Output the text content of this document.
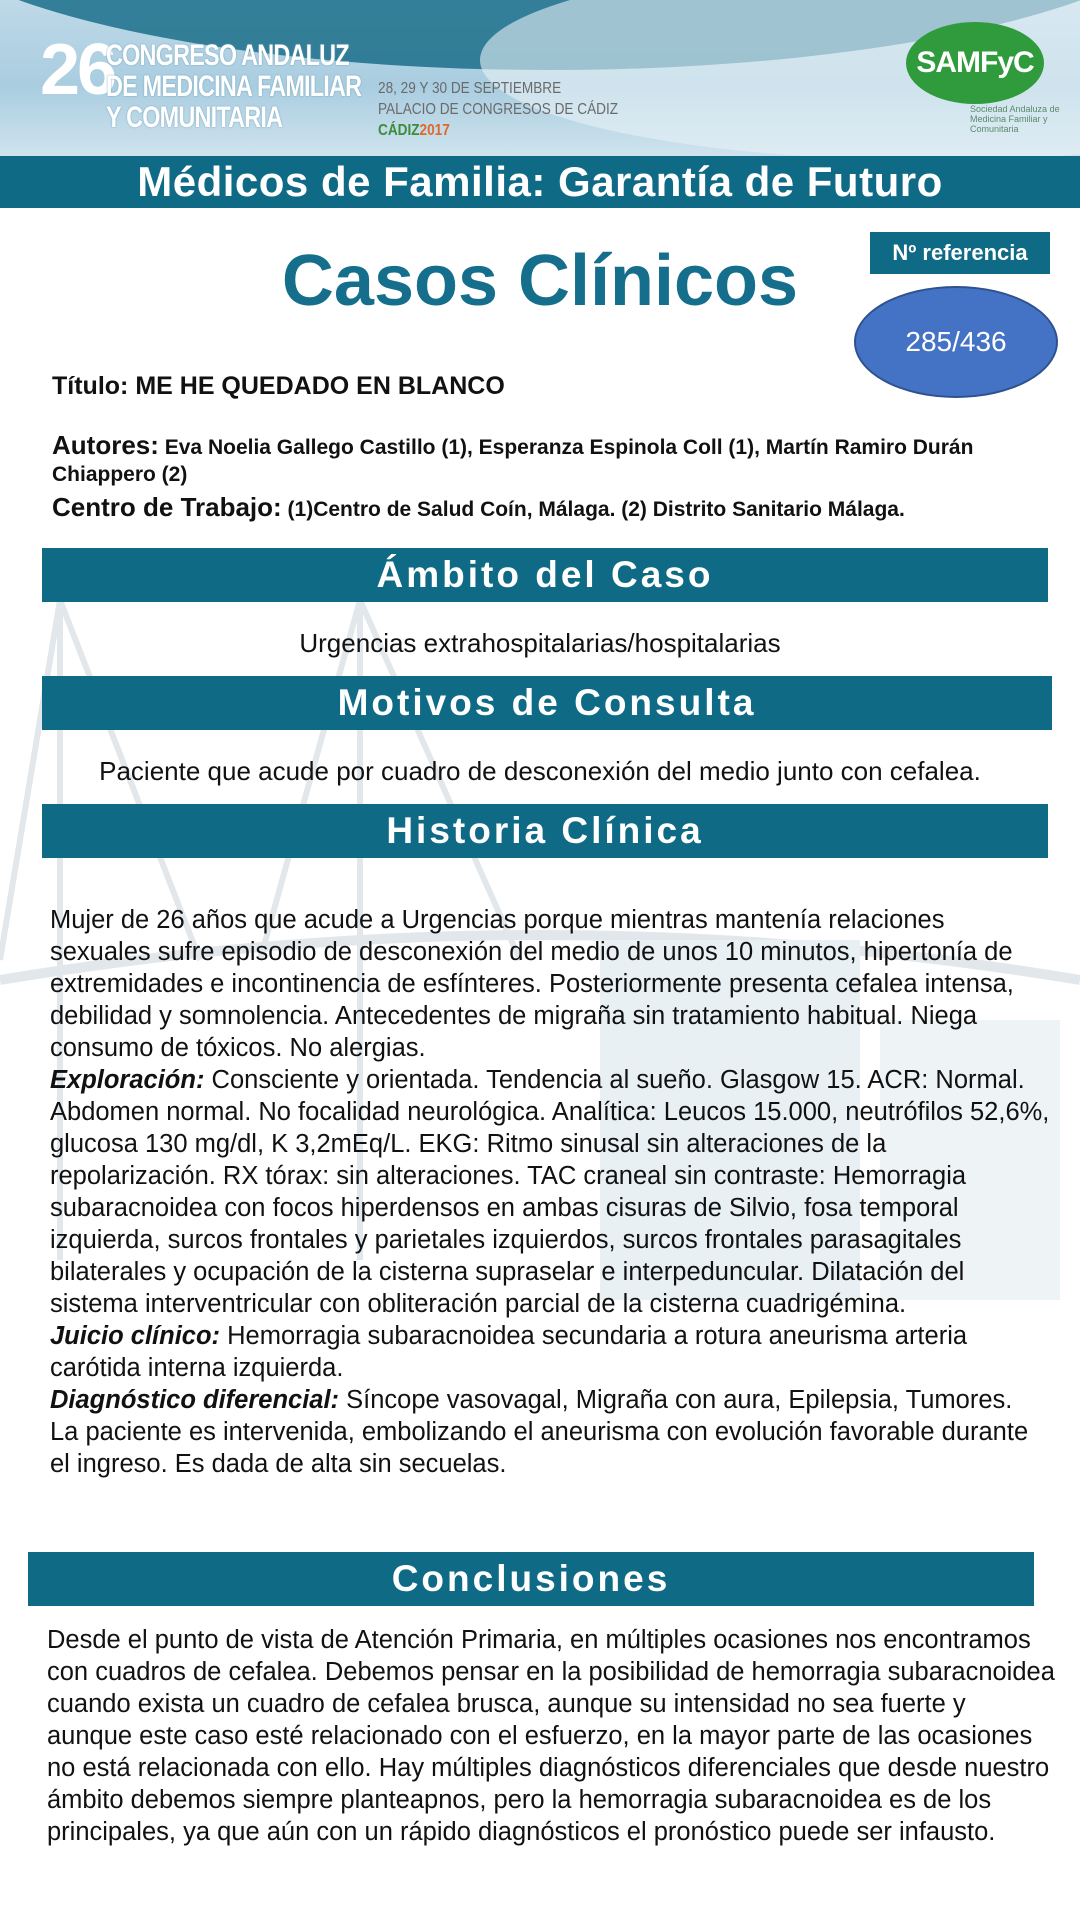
26
CONGRESO ANDALUZ
DE MEDICINA FAMILIAR
Y COMUNITARIA
28, 29 Y 30 DE SEPTIEMBRE
PALACIO DE CONGRESOS DE CÁDIZ
CÁDIZ2017
SAMFyC
Sociedad Andaluza de Medicina Familiar y Comunitaria
Médicos de Familia: Garantía de Futuro
Casos Clínicos	Nº referencia
285/436
Título: ME HE QUEDADO EN BLANCO
Autores: Eva Noelia Gallego Castillo (1), Esperanza Espinola Coll (1), Martín Ramiro Durán Chiappero (2)
Centro de Trabajo: (1)Centro de Salud Coín, Málaga. (2) Distrito Sanitario Málaga.
Ámbito del Caso
Urgencias extrahospitalarias/hospitalarias
Motivos de Consulta
Paciente que acude por cuadro de desconexión del medio junto con cefalea.
Historia Clínica

Mujer de 26 años que acude a Urgencias porque mientras mantenía relaciones sexuales sufre episodio de desconexión del medio de unos 10 minutos, hipertonía de extremidades e incontinencia de esfínteres. Posteriormente presenta cefalea intensa, debilidad y somnolencia. Antecedentes de migraña sin tratamiento habitual. Niega consumo de tóxicos. No alergias.

Exploración: Consciente y orientada. Tendencia al sueño. Glasgow 15. ACR: Normal. Abdomen normal. No focalidad neurológica. Analítica: Leucos 15.000, neutrófilos 52,6%, glucosa 130 mg/dl, K 3,2mEq/L. EKG: Ritmo sinusal sin alteraciones de la repolarización. RX tórax: sin alteraciones. TAC craneal sin contraste: Hemorragia subaracnoidea con focos hiperdensos en ambas cisuras de Silvio, fosa temporal izquierda, surcos frontales y parietales izquierdos, surcos frontales parasagitales bilaterales y ocupación de la cisterna supraselar e interpeduncular. Dilatación del sistema interventricular con obliteración parcial de la cisterna cuadrigémina.

Juicio clínico: Hemorragia subaracnoidea secundaria a rotura aneurisma arteria carótida interna izquierda.

Diagnóstico diferencial: Síncope vasovagal, Migraña con aura, Epilepsia, Tumores.

La paciente es intervenida, embolizando el aneurisma con evolución favorable durante el ingreso. Es dada de alta sin secuelas.

Conclusiones

Desde el punto de vista de Atención Primaria, en múltiples ocasiones nos encontramos con cuadros de cefalea. Debemos pensar en la posibilidad de hemorragia subaracnoidea cuando exista un cuadro de cefalea brusca, aunque su intensidad no sea fuerte y aunque este caso esté relacionado con el esfuerzo, en la mayor parte de las ocasiones no está relacionada con ello. Hay múltiples diagnósticos diferenciales que desde nuestro ámbito debemos siempre planteарnos, pero la hemorragia subaracnoidea es de los principales, ya que aún con un rápido diagnósticos el pronóstico puede ser infausto.
